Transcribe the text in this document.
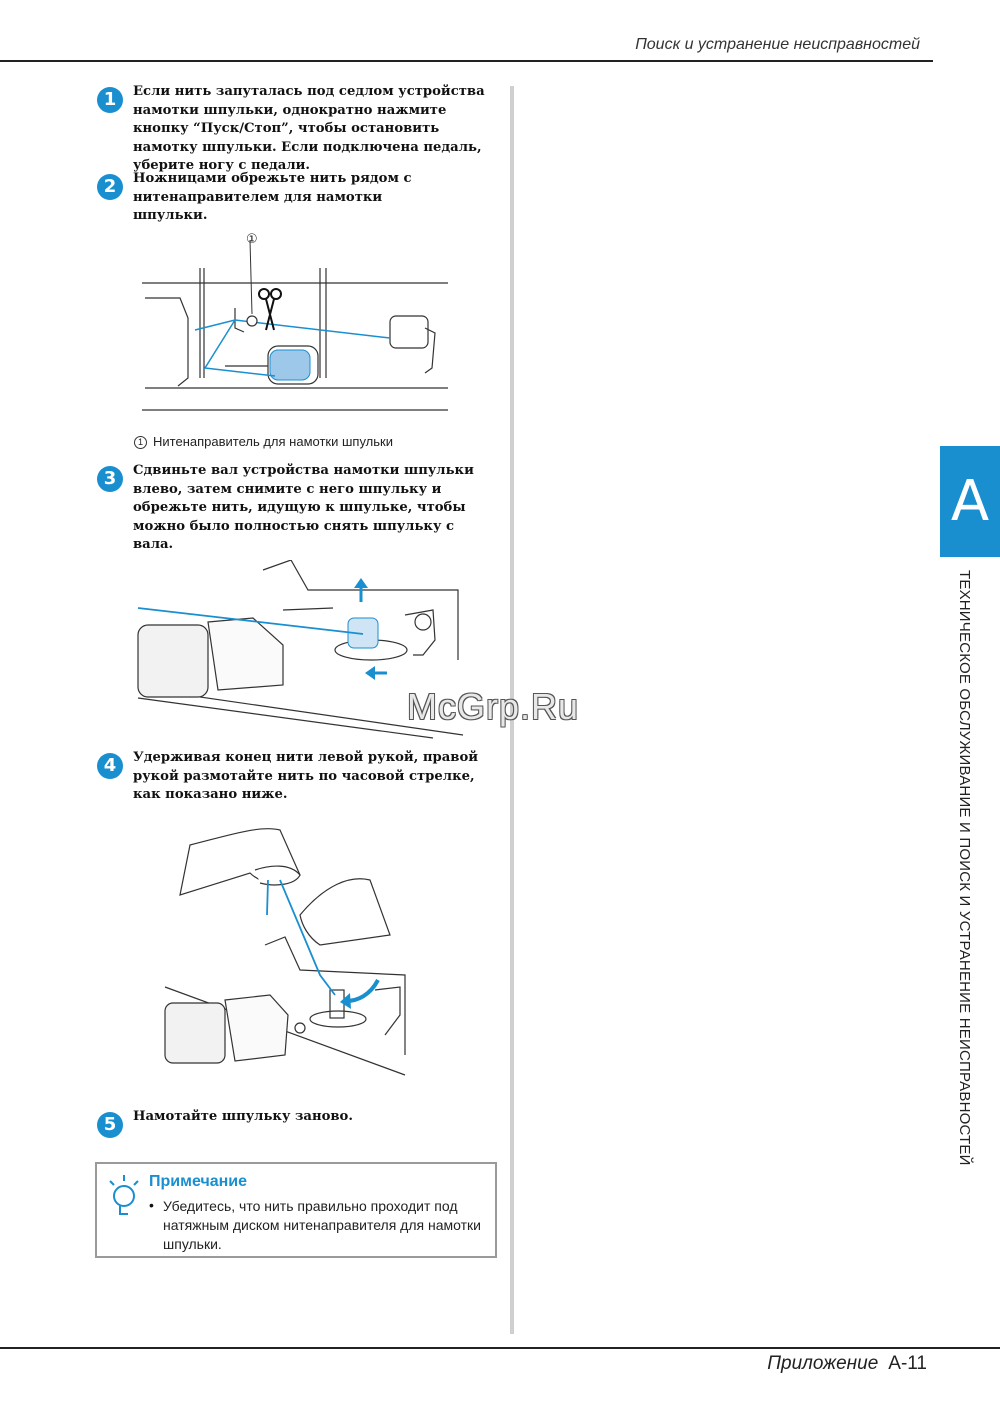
Поиск и устранение неисправностей
1	Если нить запуталась под седлом устройства намотки шпульки, однократно нажмите кнопку “Пуск/Стоп”, чтобы остановить намотку шпульки. Если подключена педаль, уберите ногу с педали.
2	Ножницами обрежьте нить рядом с нитенаправителем для намотки шпульки.
①
1 Нитенаправитель для намотки шпульки
3	Сдвиньте вал устройства намотки шпульки влево, затем снимите с него шпульку и обрежьте нить, идущую к шпульке, чтобы можно было полностью снять шпульку с вала.
4	Удерживая конец нити левой рукой, правой рукой размотайте нить по часовой стрелке, как показано ниже.
5	Намотайте шпульку заново.
Примечание
• Убедитесь, что нить правильно проходит под натяжным диском нитенаправителя для намотки шпульки.
A
ТЕХНИЧЕСКОЕ ОБСЛУЖИВАНИЕ И ПОИСК И УСТРАНЕНИЕ НЕИСПРАВНОСТЕЙ
McGrp.Ru
Приложение A-11
